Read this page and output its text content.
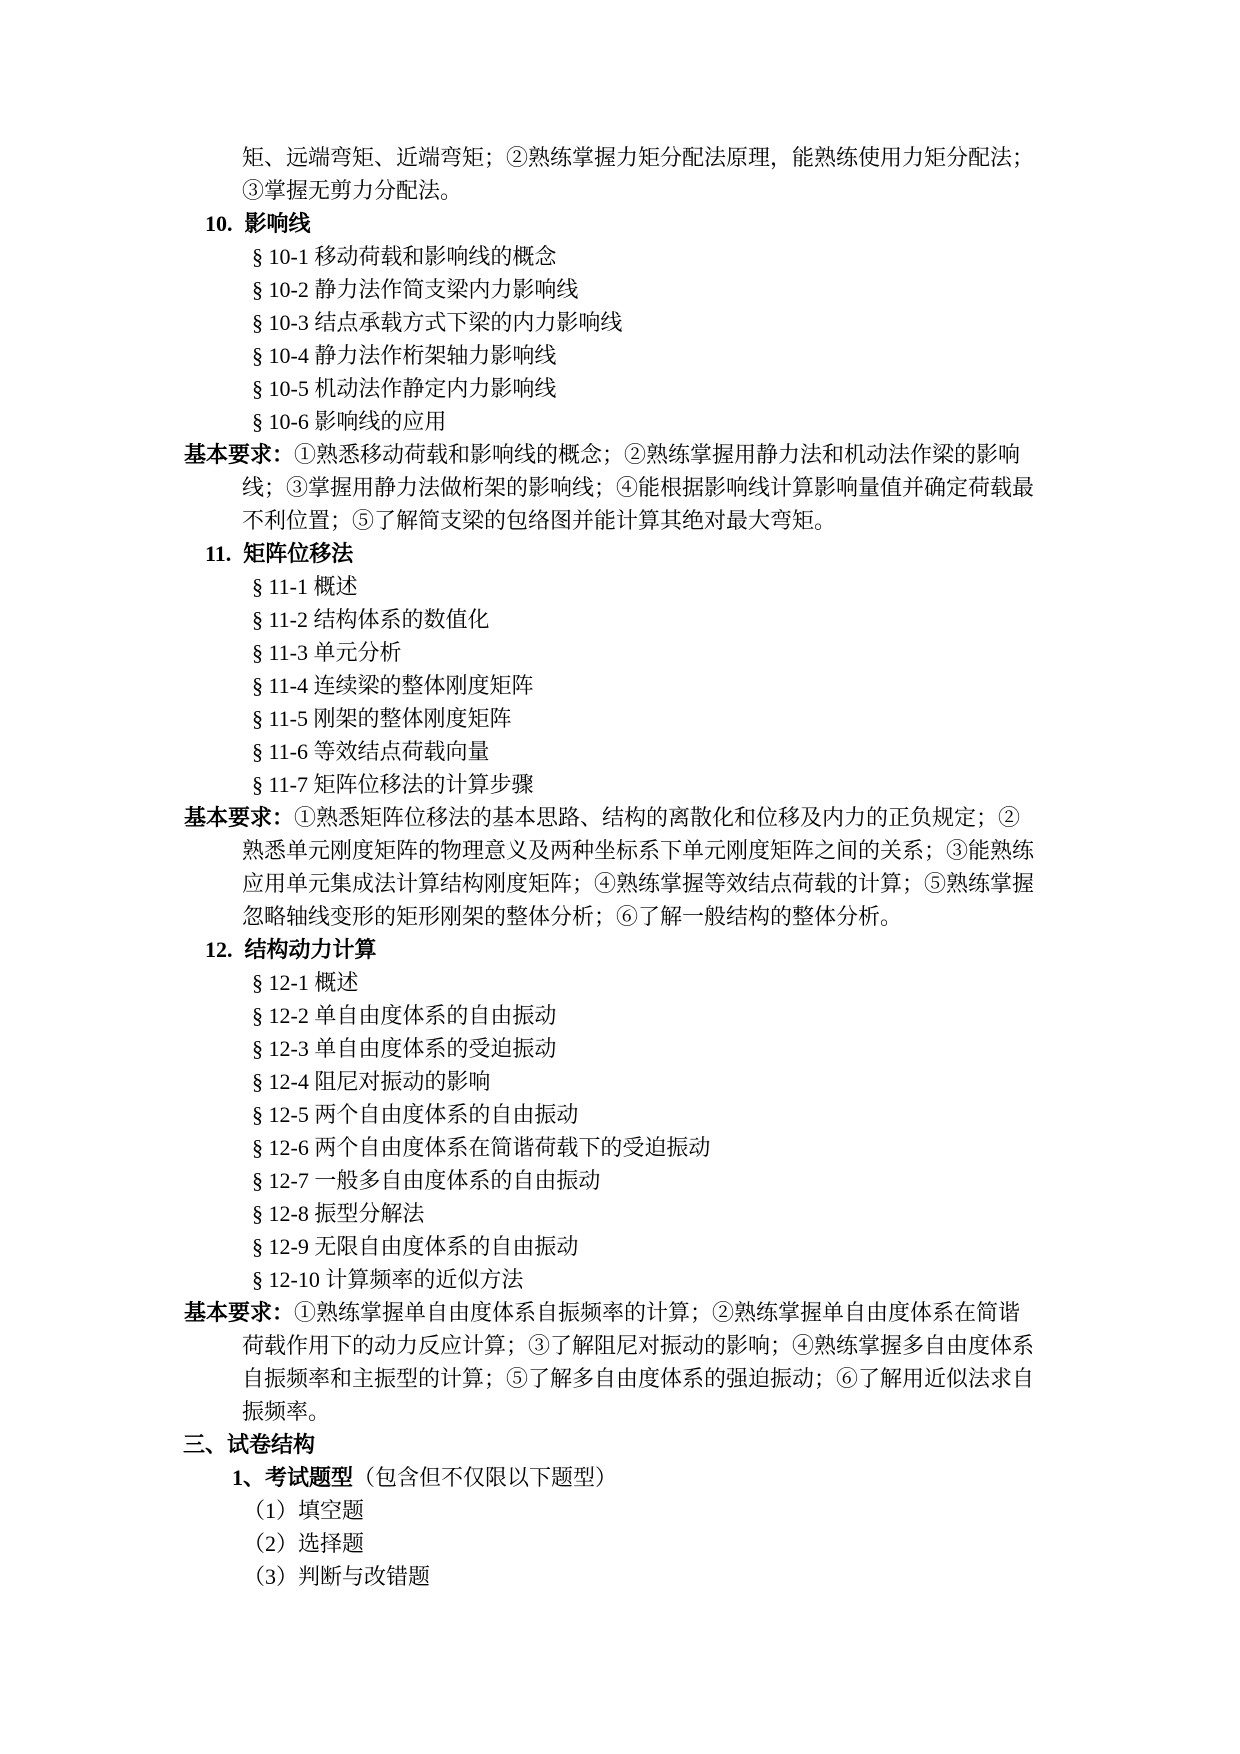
矩、远端弯矩、近端弯矩；②熟练掌握力矩分配法原理，能熟练使用力矩分配法；
③掌握无剪力分配法。
10. 影响线
§ 10-1 移动荷载和影响线的概念
§ 10-2 静力法作简支梁内力影响线
§ 10-3 结点承载方式下梁的内力影响线
§ 10-4 静力法作桁架轴力影响线
§ 10-5 机动法作静定内力影响线
§ 10-6 影响线的应用
基本要求：①熟悉移动荷载和影响线的概念；②熟练掌握用静力法和机动法作梁的影响
线；③掌握用静力法做桁架的影响线；④能根据影响线计算影响量值并确定荷载最
不利位置；⑤了解简支梁的包络图并能计算其绝对最大弯矩。
11. 矩阵位移法
§ 11-1 概述
§ 11-2 结构体系的数值化
§ 11-3 单元分析
§ 11-4 连续梁的整体刚度矩阵
§ 11-5 刚架的整体刚度矩阵
§ 11-6 等效结点荷载向量
§ 11-7 矩阵位移法的计算步骤
基本要求：①熟悉矩阵位移法的基本思路、结构的离散化和位移及内力的正负规定；②
熟悉单元刚度矩阵的物理意义及两种坐标系下单元刚度矩阵之间的关系；③能熟练
应用单元集成法计算结构刚度矩阵；④熟练掌握等效结点荷载的计算；⑤熟练掌握
忽略轴线变形的矩形刚架的整体分析；⑥了解一般结构的整体分析。
12. 结构动力计算
§ 12-1 概述
§ 12-2 单自由度体系的自由振动
§ 12-3 单自由度体系的受迫振动
§ 12-4 阻尼对振动的影响
§ 12-5 两个自由度体系的自由振动
§ 12-6 两个自由度体系在简谐荷载下的受迫振动
§ 12-7 一般多自由度体系的自由振动
§ 12-8 振型分解法
§ 12-9 无限自由度体系的自由振动
§ 12-10 计算频率的近似方法
基本要求：①熟练掌握单自由度体系自振频率的计算；②熟练掌握单自由度体系在简谐
荷载作用下的动力反应计算；③了解阻尼对振动的影响；④熟练掌握多自由度体系
自振频率和主振型的计算；⑤了解多自由度体系的强迫振动；⑥了解用近似法求自
振频率。
三、试卷结构
1、考试题型（包含但不仅限以下题型）
（1）填空题
（2）选择题
（3）判断与改错题
